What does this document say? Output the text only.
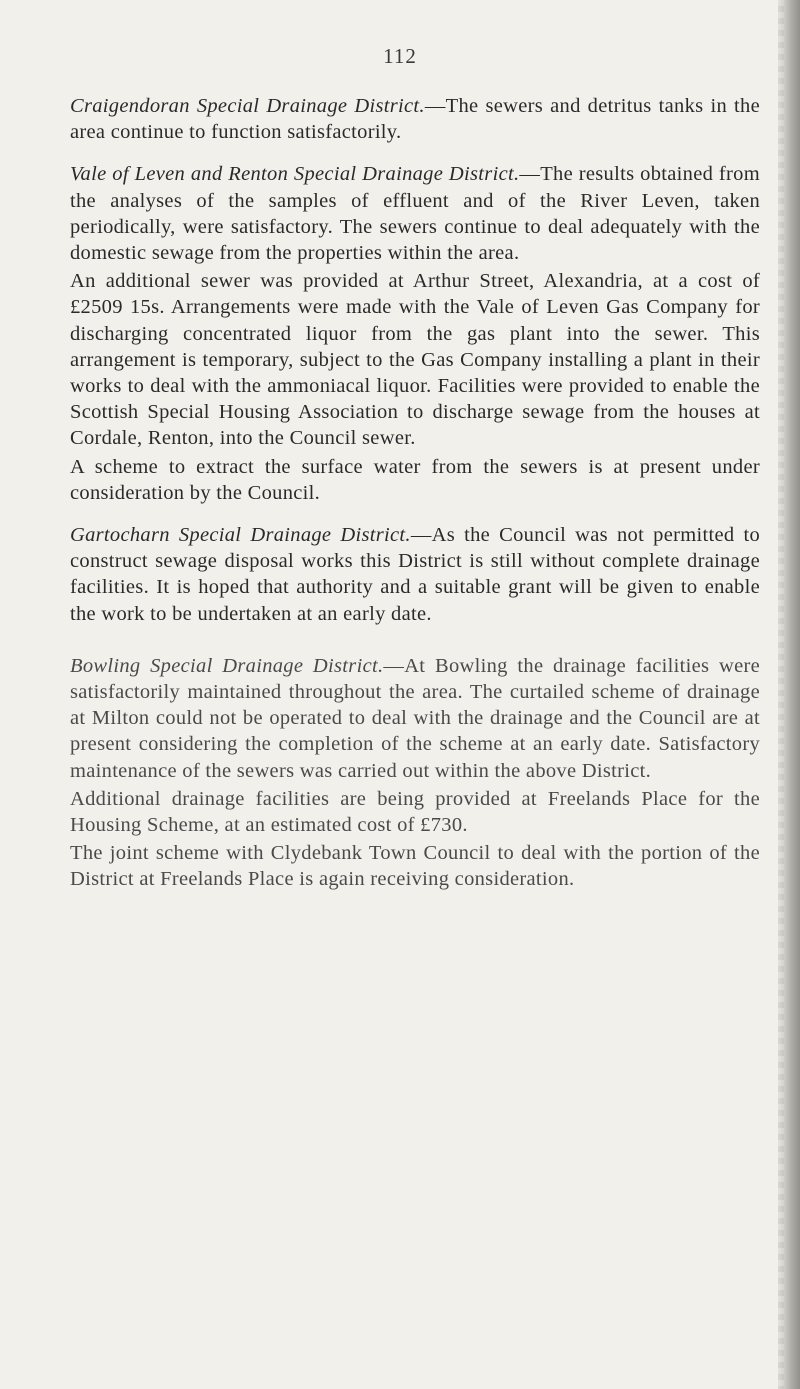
112

Craigendoran Special Drainage District.—The sewers and detritus tanks in the area continue to function satisfactorily.

Vale of Leven and Renton Special Drainage District.—The results obtained from the analyses of the samples of effluent and of the River Leven, taken periodically, were satisfactory. The sewers continue to deal adequately with the domestic sewage from the properties within the area.

An additional sewer was provided at Arthur Street, Alexandria, at a cost of £2509 15s. Arrangements were made with the Vale of Leven Gas Company for discharging concentrated liquor from the gas plant into the sewer. This arrangement is temporary, subject to the Gas Company installing a plant in their works to deal with the ammoniacal liquor. Facilities were provided to enable the Scottish Special Housing Association to discharge sewage from the houses at Cordale, Renton, into the Council sewer.

A scheme to extract the surface water from the sewers is at present under consideration by the Council.

Gartocharn Special Drainage District.—As the Council was not permitted to construct sewage disposal works this District is still without complete drainage facilities. It is hoped that authority and a suitable grant will be given to enable the work to be undertaken at an early date.

Bowling Special Drainage District.—At Bowling the drainage facilities were satisfactorily maintained throughout the area. The curtailed scheme of drainage at Milton could not be operated to deal with the drainage and the Council are at present considering the completion of the scheme at an early date. Satisfactory maintenance of the sewers was carried out within the above District.

Additional drainage facilities are being provided at Freelands Place for the Housing Scheme, at an estimated cost of £730.

The joint scheme with Clydebank Town Council to deal with the portion of the District at Freelands Place is again receiving consideration.
